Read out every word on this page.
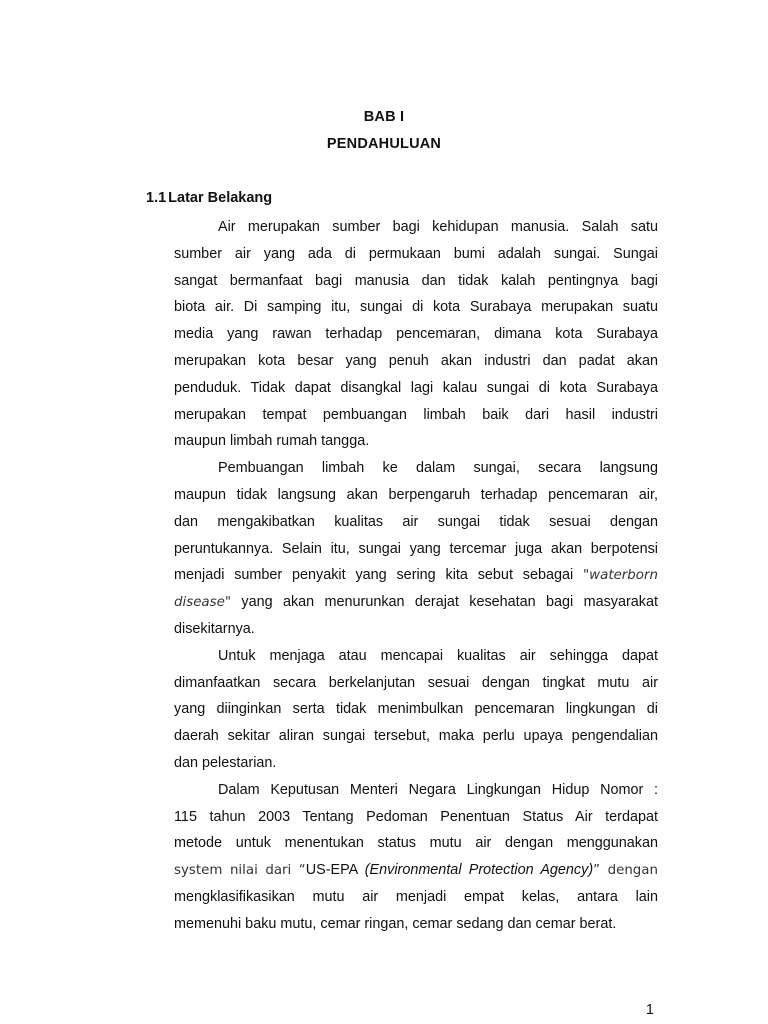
BAB I
PENDAHULUAN
1.1 Latar Belakang
Air merupakan sumber bagi kehidupan manusia. Salah satu
sumber air yang ada di permukaan bumi adalah sungai. Sungai
sangat bermanfaat bagi manusia dan tidak kalah pentingnya bagi
biota air. Di samping itu, sungai di kota Surabaya merupakan suatu
media yang rawan terhadap pencemaran, dimana kota Surabaya
merupakan kota besar yang penuh akan industri dan padat akan
penduduk. Tidak dapat disangkal lagi kalau sungai di kota Surabaya
merupakan tempat pembuangan limbah baik dari hasil industri
maupun limbah rumah tangga.
Pembuangan limbah ke dalam sungai, secara langsung
maupun tidak langsung akan berpengaruh terhadap pencemaran air,
dan mengakibatkan kualitas air sungai tidak sesuai dengan
peruntukannya. Selain itu, sungai yang tercemar juga akan berpotensi
menjadi sumber penyakit yang sering kita sebut sebagai "waterborn
disease" yang akan menurunkan derajat kesehatan bagi masyarakat
disekitarnya.
Untuk menjaga atau mencapai kualitas air sehingga dapat
dimanfaatkan secara berkelanjutan sesuai dengan tingkat mutu air
yang diinginkan serta tidak menimbulkan pencemaran lingkungan di
daerah sekitar aliran sungai tersebut, maka perlu upaya pengendalian
dan pelestarian.
Dalam Keputusan Menteri Negara Lingkungan Hidup Nomor :
115 tahun 2003 Tentang Pedoman Penentuan Status Air terdapat
metode untuk menentukan status mutu air dengan menggunakan
system nilai dari “US-EPA (Environmental Protection Agency)” dengan
mengklasifikasikan mutu air menjadi empat kelas, antara lain
memenuhi baku mutu, cemar ringan, cemar sedang dan cemar berat.
1
